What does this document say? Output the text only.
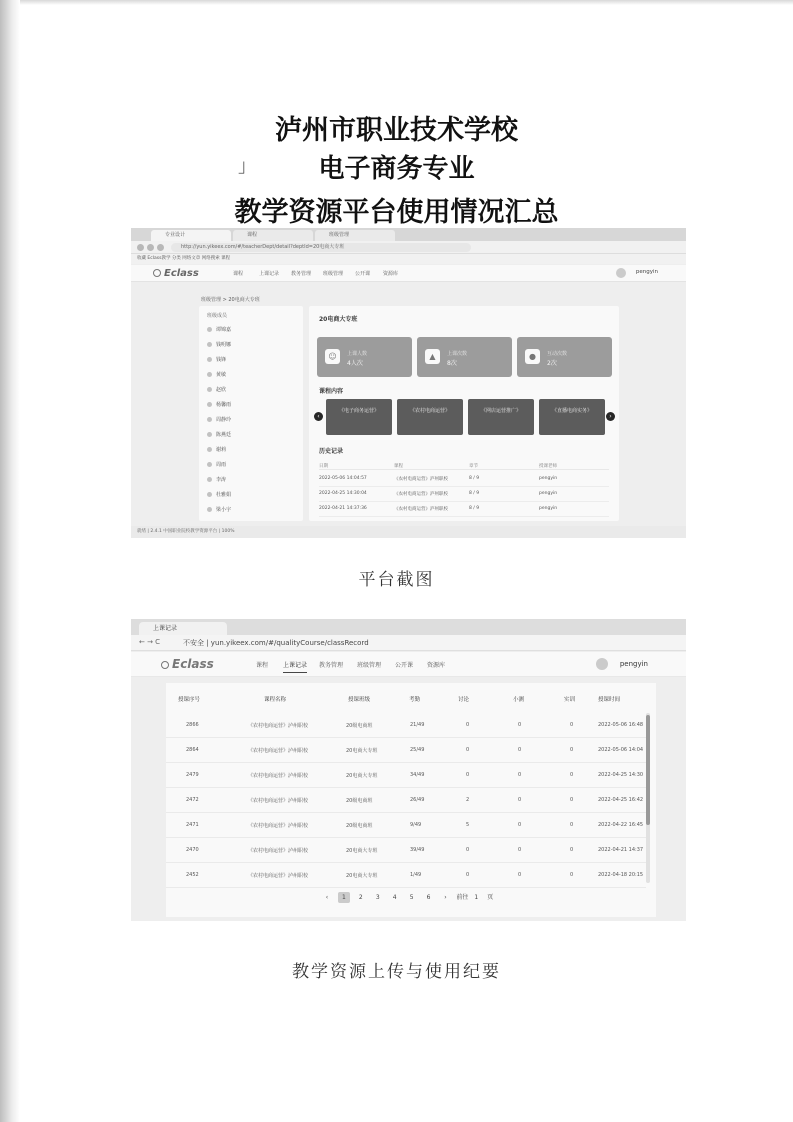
泸州市职业技术学校
」	电子商务专业
教学资源平台使用情况汇总
专业设计	课程	班级管理
http://yun.yikeex.com/#/teacherDept/detail?deptId=20电商大专班
收藏 Eclass教学 分类 网络文章 网络搜索 课程
Eclass	课程	上课记录 教务管理 班级管理 公开课	资源库	pengyin
班级管理 > 20电商大专班
班级成员
谭锦嘉
钱明娜
钱锋
黄敏
赵欣
杨馨雨
周静玲
陈燕廷
谢莉
周雨
李涛
杜雅娟
梁小宇
20电商大专班
☺	上课人数
4人次
▲	上课次数
8次
●	互动次数
2次
课程内容
‹
《电子商务运营》	《农村电商运营》	《网店运营推广》	《直播电商实务》
›
历史记录
日期	课程	章节	授课老师
2022-05-06 14:04:57	《农村电商运营》泸州职校	8 / 9	pengyin
2022-04-25 14:30:04	《农村电商运营》泸州职校	8 / 9	pengyin
2022-04-21 14:37:36	《农村电商运营》泸州职校	8 / 9	pengyin
就绪 | 2.4.1 中国职业院校教学资源平台 | 100%
平台截图
上课记录
← → C	不安全 | yun.yikeex.com/#/qualityCourse/classRecord
Eclass	课程 上课记录 教务管理 班级管理 公开课 资源库	pengyin
授课序号	课程名称	授课班级	考勤	讨论	小测	实训	授课时间
2866	《农村电商运营》泸州职校	20级电商班	21/49	0	0	0	2022-05-06 16:48
2864	《农村电商运营》泸州职校	20电商大专班	25/49	0	0	0	2022-05-06 14:04
2479	《农村电商运营》泸州职校	20电商大专班	34/49	0	0	0	2022-04-25 14:30
2472	《农村电商运营》泸州职校	20级电商班	26/49	2	0	0	2022-04-25 16:42
2471	《农村电商运营》泸州职校	20级电商班	9/49	5	0	0	2022-04-22 16:45
2470	《农村电商运营》泸州职校	20电商大专班	39/49	0	0	0	2022-04-21 14:37
2452	《农村电商运营》泸州职校	20电商大专班	1/49	0	0	0	2022-04-18 20:15
‹ 1 2 3 4 5 6 › 前往 1 页
教学资源上传与使用纪要
